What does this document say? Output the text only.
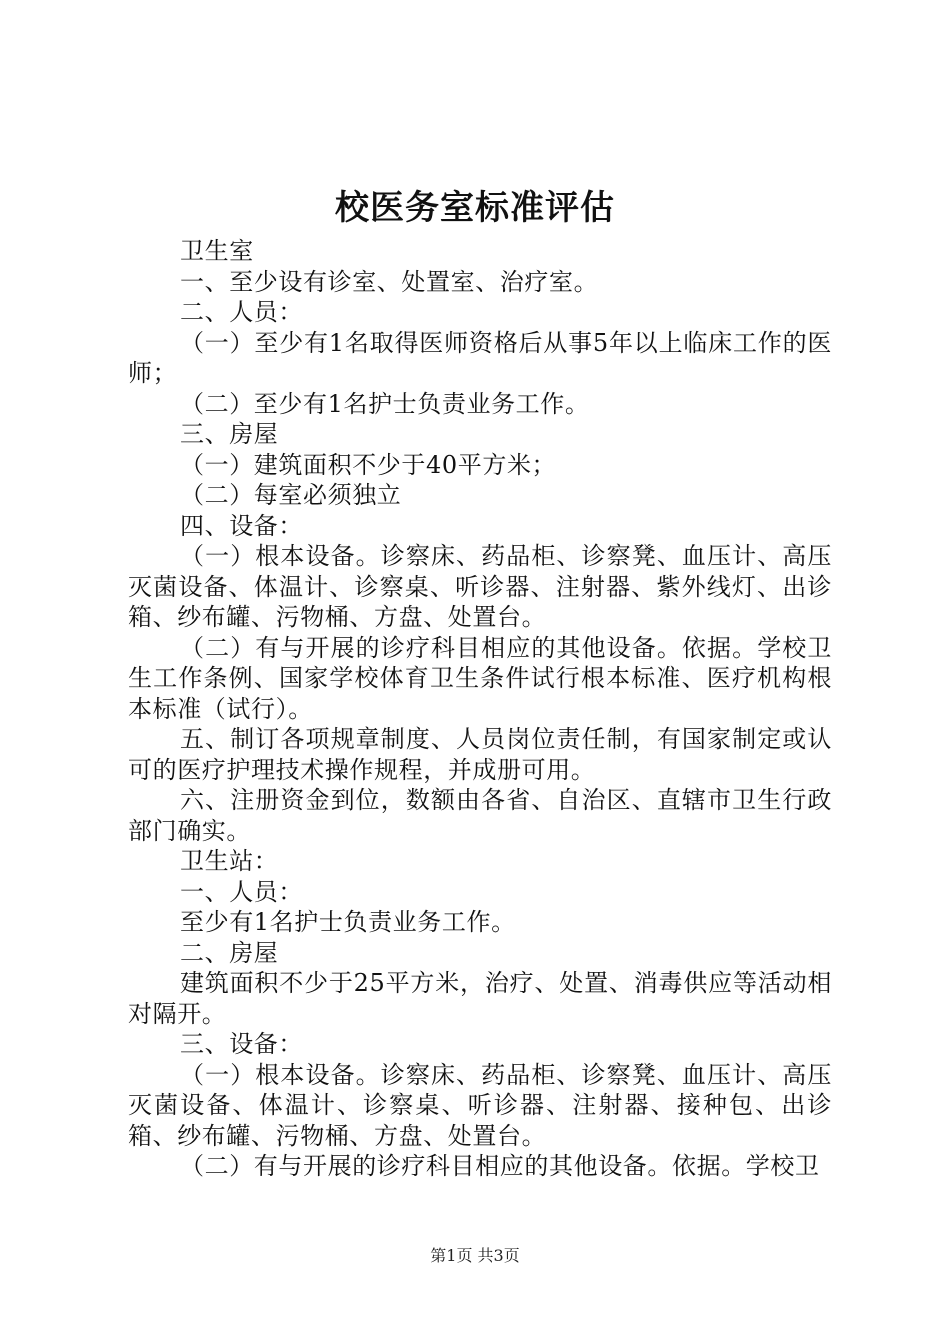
校医务室标准评估

卫生室

一、至少设有诊室、处置室、治疗室。

二、人员：

（一）至少有1名取得医师资格后从事5年以上临床工作的医师；

（二）至少有1名护士负责业务工作。

三、房屋

（一）建筑面积不少于40平方米；

（二）每室必须独立

四、设备：

（一）根本设备。诊察床、药品柜、诊察凳、血压计、高压灭菌设备、体温计、诊察桌、听诊器、注射器、紫外线灯、出诊箱、纱布罐、污物桶、方盘、处置台。

（二）有与开展的诊疗科目相应的其他设备。依据。学校卫生工作条例、国家学校体育卫生条件试行根本标准、医疗机构根本标准（试行）。

五、制订各项规章制度、人员岗位责任制，有国家制定或认可的医疗护理技术操作规程，并成册可用。

六、注册资金到位，数额由各省、自治区、直辖市卫生行政部门确实。

卫生站：

一、人员：

至少有1名护士负责业务工作。

二、房屋

建筑面积不少于25平方米，治疗、处置、消毒供应等活动相对隔开。

三、设备：

（一）根本设备。诊察床、药品柜、诊察凳、血压计、高压灭菌设备、体温计、诊察桌、听诊器、注射器、接种包、出诊箱、纱布罐、污物桶、方盘、处置台。

（二）有与开展的诊疗科目相应的其他设备。依据。学校卫

第1页 共3页
